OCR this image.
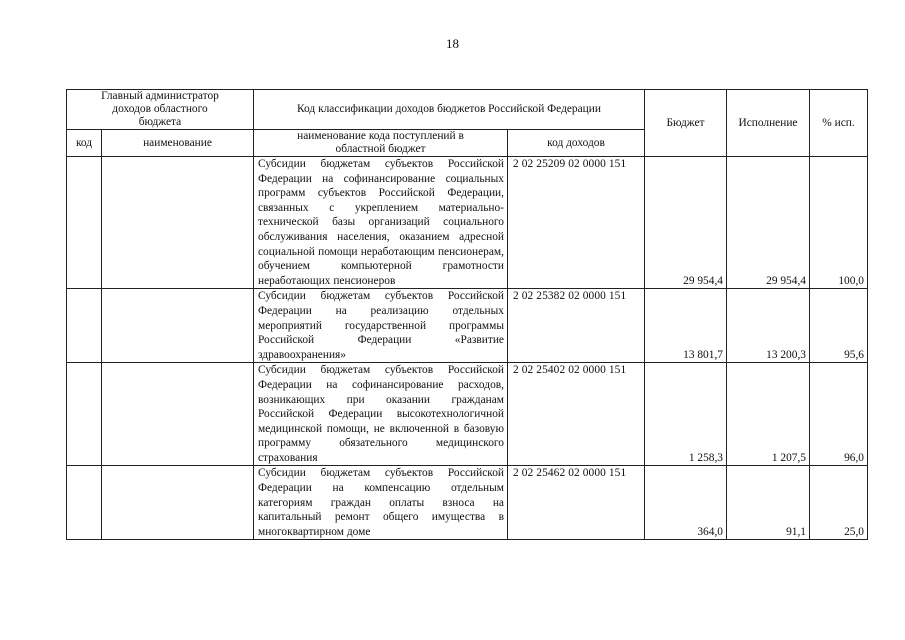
18
Главный администратор доходов областного бюджета		Код классификации доходов бюджетов Российской Федерации		Бюджет	Исполнение	% исп.
код	наименование	наименование кода поступлений в областной бюджет	код доходов			
		Субсидии бюджетам субъектов Российской Федерации на софинансирование социальных программ субъектов Российской Федерации, связанных с укреплением материально-технической базы организаций социального обслуживания населения, оказанием адресной социальной помощи неработающим пенсионерам, обучением компьютерной грамотности неработающих пенсионеров	2 02 25209 02 0000 151	29 954,4	29 954,4	100,0
		Субсидии бюджетам субъектов Российской Федерации на реализацию отдельных мероприятий государственной программы Российской Федерации «Развитие здравоохранения»	2 02 25382 02 0000 151	13 801,7	13 200,3	95,6
		Субсидии бюджетам субъектов Российской Федерации на софинансирование расходов, возникающих при оказании гражданам Российской Федерации высокотехнологичной медицинской помощи, не включенной в базовую программу обязательного медицинского страхования	2 02 25402 02 0000 151	1 258,3	1 207,5	96,0
		Субсидии бюджетам субъектов Российской Федерации на компенсацию отдельным категориям граждан оплаты взноса на капитальный ремонт общего имущества в многоквартирном доме	2 02 25462 02 0000 151	364,0	91,1	25,0
